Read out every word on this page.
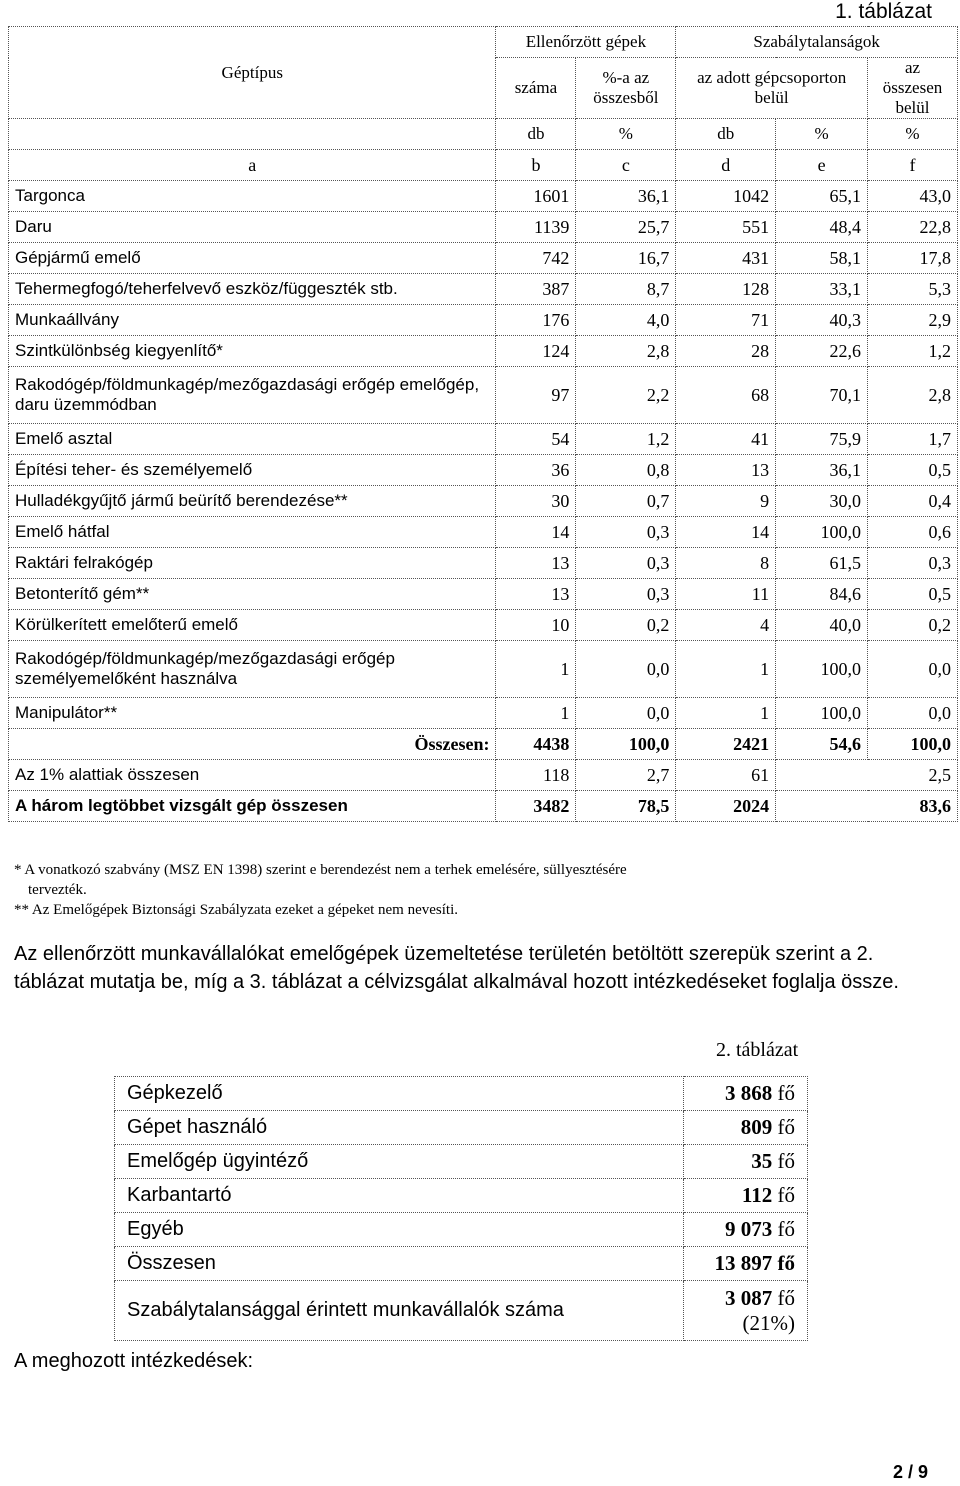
1. táblázat
Géptípus	Ellenőrzött gépek		Szabálytalanságok		
	száma	%-a az összesből	az adott gépcsoporton belül		az összesen belül
	db	%	db	%	%
a	b	c	d	e	f
Targonca	1601	36,1	1042	65,1	43,0
Daru	1139	25,7	551	48,4	22,8
Gépjármű emelő	742	16,7	431	58,1	17,8
Tehermegfogó/teherfelvevő eszköz/függeszték stb.	387	8,7	128	33,1	5,3
Munkaállvány	176	4,0	71	40,3	2,9
Szintkülönbség kiegyenlítő*	124	2,8	28	22,6	1,2
Rakodógép/földmunkagép/mezőgazdasági erőgép emelőgép, daru üzemmódban	97	2,2	68	70,1	2,8
Emelő asztal	54	1,2	41	75,9	1,7
Építési teher- és személyemelő	36	0,8	13	36,1	0,5
Hulladékgyűjtő jármű beürítő berendezése**	30	0,7	9	30,0	0,4
Emelő hátfal	14	0,3	14	100,0	0,6
Raktári felrakógép	13	0,3	8	61,5	0,3
Betonterítő gém**	13	0,3	11	84,6	0,5
Körülkerített emelőterű emelő	10	0,2	4	40,0	0,2
Rakodógép/földmunkagép/mezőgazdasági erőgép személyemelőként használva	1	0,0	1	100,0	0,0
Manipulátor**	1	0,0	1	100,0	0,0
Összesen:	4438	100,0	2421	54,6	100,0
Az 1% alattiak összesen	118	2,7	61	2,5	
A három legtöbbet vizsgált gép összesen	3482	78,5	2024	83,6	

* A vonatkozó szabvány (MSZ EN 1398) szerint e berendezést nem a terhek emelésére, süllyesztésére

tervezték.

** Az Emelőgépek Biztonsági Szabályzata ezeket a gépeket nem nevesíti.

Az ellenőrzött munkavállalókat emelőgépek üzemeltetése területén betöltött szerepük szerint a 2. táblázat mutatja be, míg a 3. táblázat a célvizsgálat alkalmával hozott intézkedéseket foglalja össze.
2. táblázat
Gépkezelő	3 868 fő
Gépet használó	809 fő
Emelőgép ügyintéző	35 fő
Karbantartó	112 fő
Egyéb	9 073 fő
Összesen	13 897 fő
Szabálytalansággal érintett munkavállalók száma	3 087 fő
(21%)
A meghozott intézkedések:
2 / 9
